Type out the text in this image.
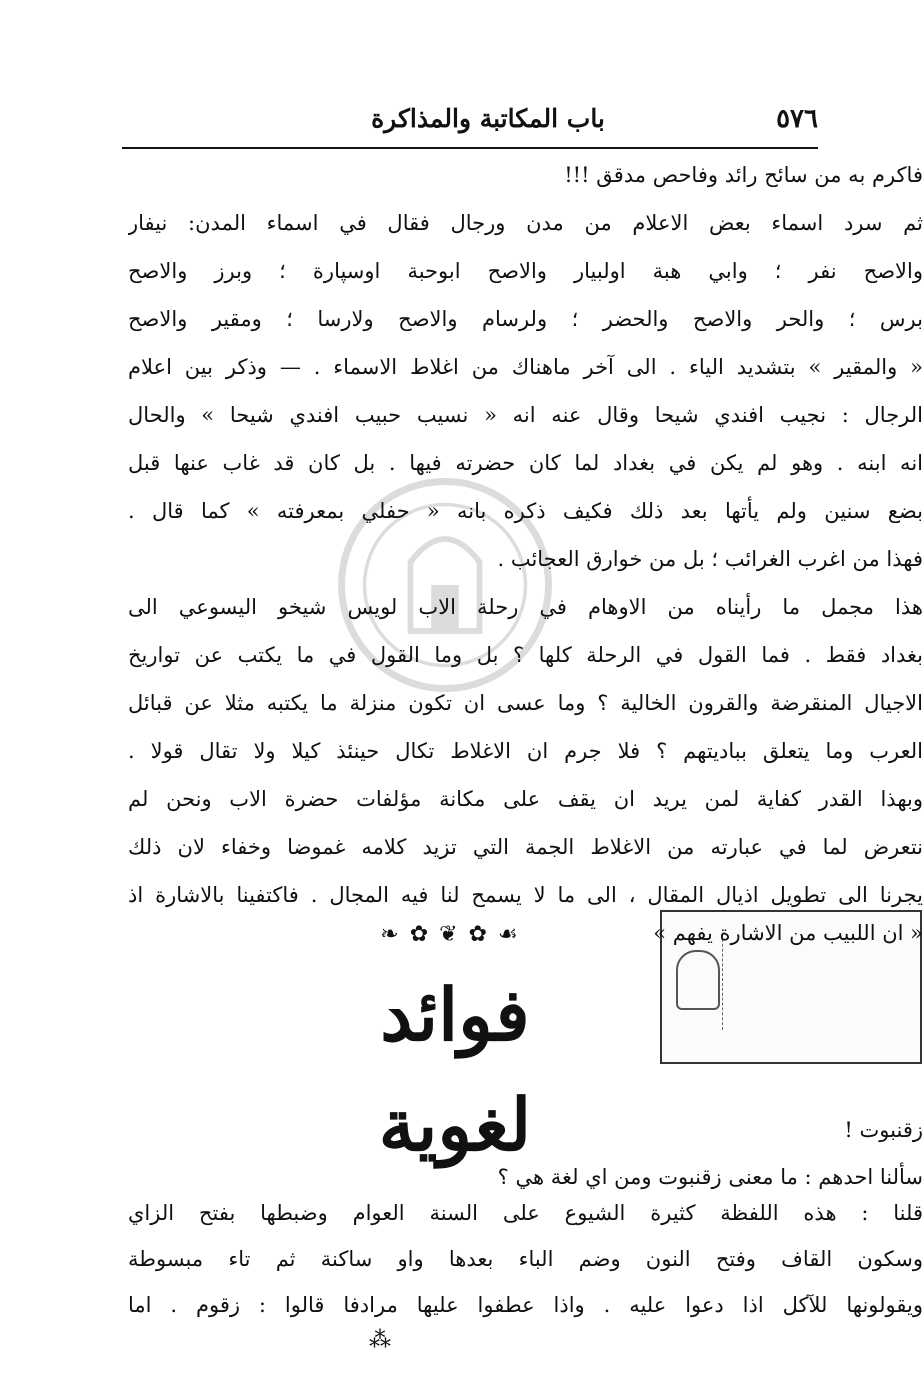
٥٧٦
باب المكاتبة والمذاكرة
فاكرم به من سائح رائد وفاحص مدقق !!!
ثم سرد اسماء بعض الاعلام من مدن ورجال فقال في اسماء المدن: نيفار
والاصح نفر ؛ وابي هبة اولبيار والاصح ابوحبة اوسپارة ؛ وبرز والاصح
برس ؛ والحر والاصح والحضر ؛ ولرسام والاصح ولارسا ؛ ومقير والاصح
« والمقير » بتشديد الياء . الى آخر ماهناك من اغلاط الاسماء . — وذكر بين اعلام
الرجال : نجيب افندي شيحا وقال عنه انه « نسيب حبيب افندي شيحا » والحال
انه ابنه . وهو لم يكن في بغداد لما كان حضرته فيها . بل كان قد غاب عنها قبل
بضع سنين ولم يأتها بعد ذلك فكيف ذكره بانه « حفلي بمعرفته » كما قال .
فهذا من اغرب الغرائب ؛ بل من خوارق العجائب .
هذا مجمل ما رأيناه من الاوهام في رحلة الاب لويس شيخو اليسوعي الى
بغداد فقط . فما القول في الرحلة كلها ؟ بل وما القول في ما يكتب عن تواريخ
الاجيال المنقرضة والقرون الخالية ؟ وما عسى ان تكون منزلة ما يكتبه مثلا عن قبائل
العرب وما يتعلق بباديتهم ؟ فلا جرم ان الاغلاط تكال حينئذ كيلا ولا تقال قولا .
وبهذا القدر كفاية لمن يريد ان يقف على مكانة مؤلفات حضرة الاب ونحن لم
نتعرض لما في عبارته من الاغلاط الجمة التي تزيد كلامه غموضا وخفاء لان ذلك
يجرنا الى تطويل اذيال المقال ، الى ما لا يسمح لنا فيه المجال . فاكتفينا بالاشارة اذ
« ان اللبيب من الاشارة يفهم »
❧ ✿ ❦ ✿ ☙
فوائد لغوية	زقنبوت !
سألنا احدهم : ما معنى زقنبوت ومن اي لغة هي ؟
قلنا : هذه اللفظة كثيرة الشيوع على السنة العوام وضبطها بفتح الزاي
وسكون القاف وفتح النون وضم الباء بعدها واو ساكنة ثم تاء مبسوطة
ويقولونها للآكل اذا دعوا عليه . واذا عطفوا عليها مرادفا قالوا : زقوم . اما
⁂
